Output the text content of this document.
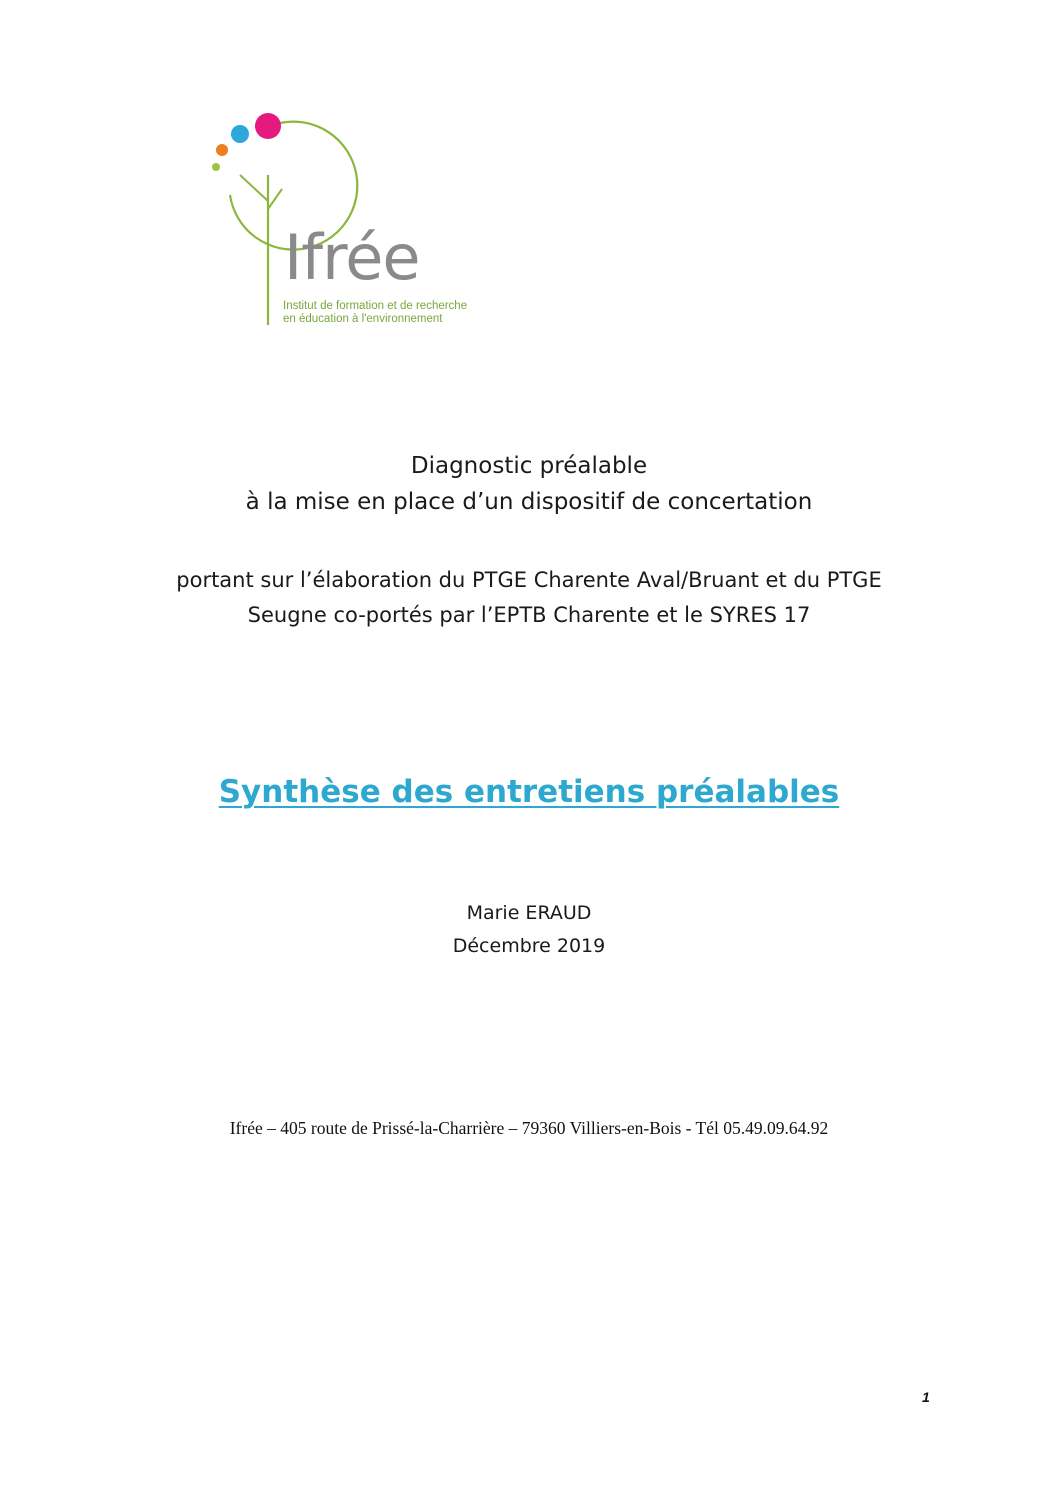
Ifrée
Institut de formation et de recherche
en éducation à l'environnement
Diagnostic préalable
à la mise en place d’un dispositif de concertation
portant sur l’élaboration du PTGE Charente Aval/Bruant et du PTGE
Seugne co-portés par l’EPTB Charente et le SYRES 17
Synthèse des entretiens préalables
Marie ERAUD
Décembre 2019
Ifrée – 405 route de Prissé-la-Charrière – 79360 Villiers-en-Bois - Tél 05.49.09.64.92
1
